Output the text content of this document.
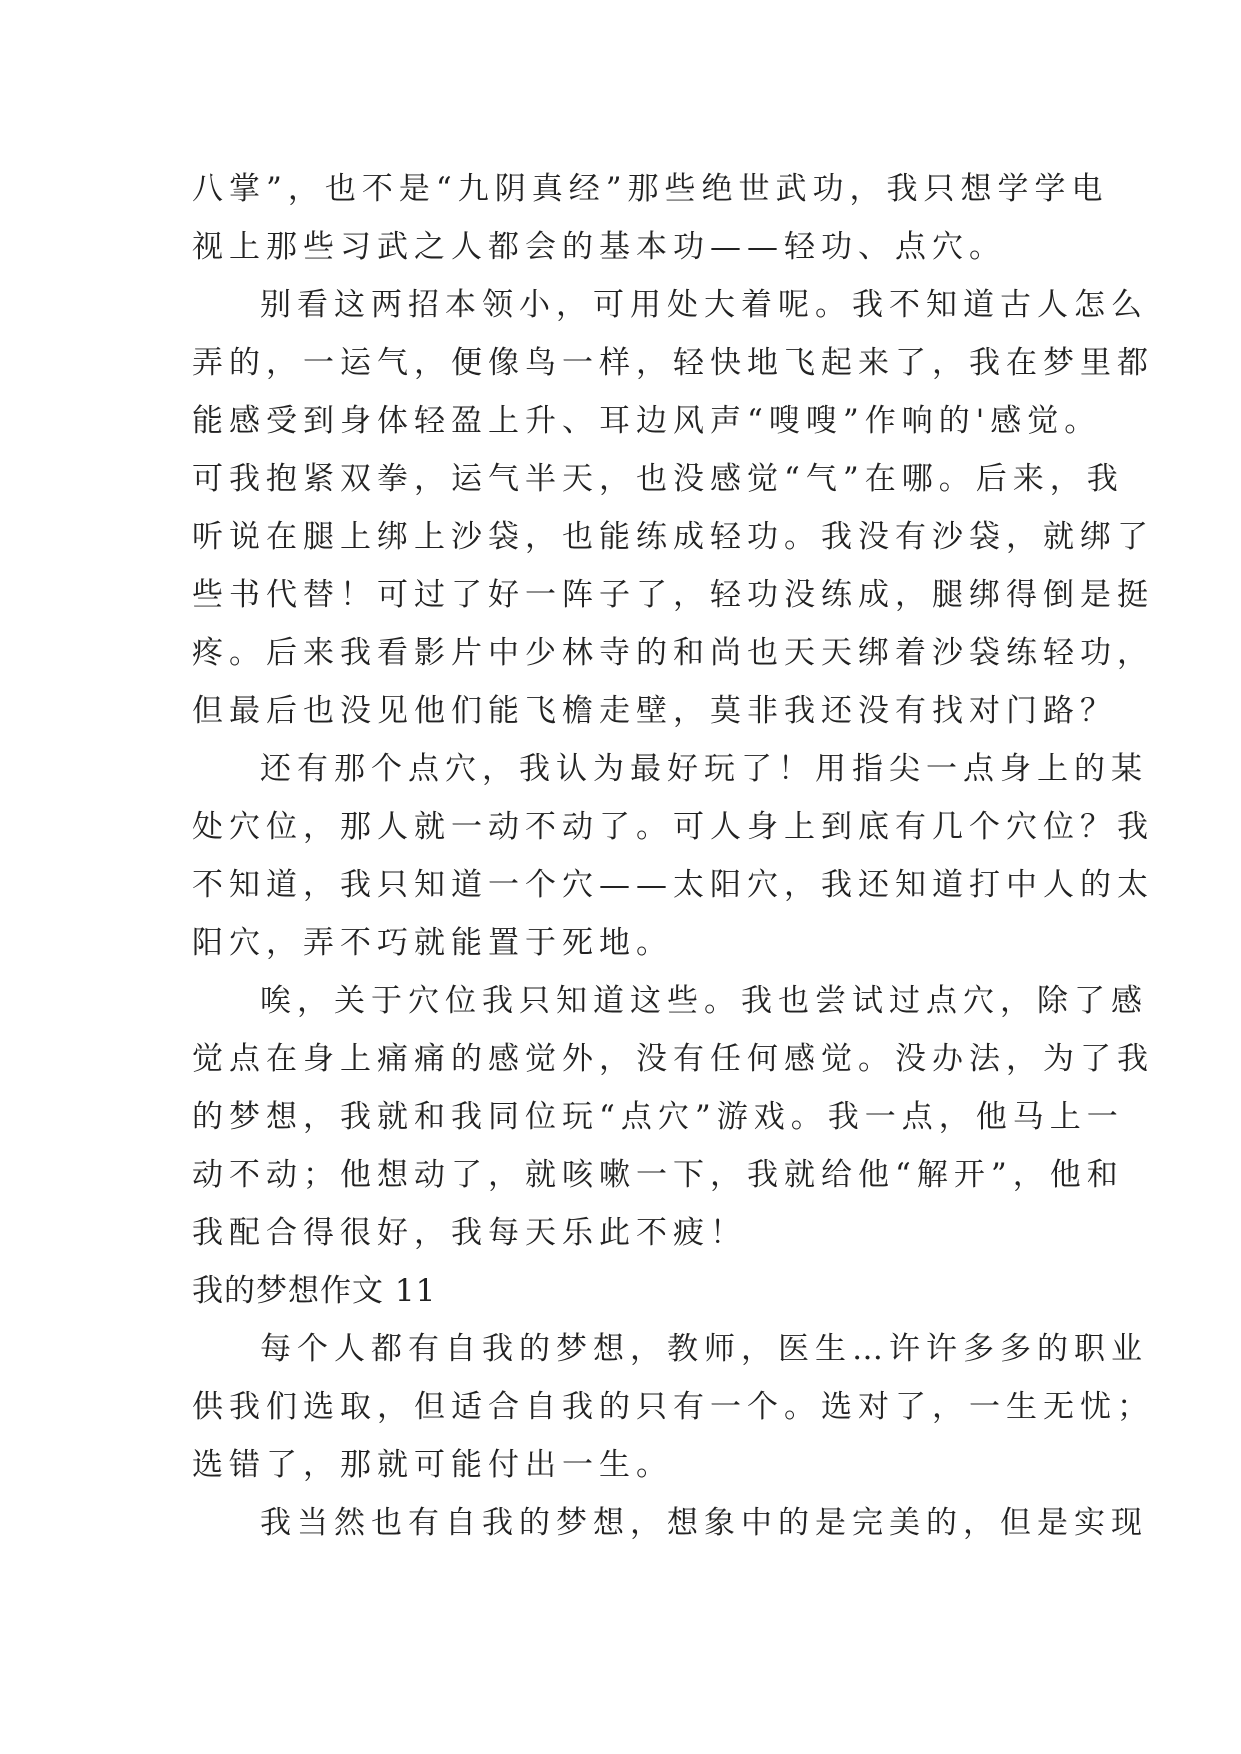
八掌”，也不是“九阴真经”那些绝世武功，我只想学学电
视上那些习武之人都会的基本功——轻功、点穴。
别看这两招本领小，可用处大着呢。我不知道古人怎么
弄的，一运气，便像鸟一样，轻快地飞起来了，我在梦里都
能感受到身体轻盈上升、耳边风声“嗖嗖”作响的'感觉。
可我抱紧双拳，运气半天，也没感觉“气”在哪。后来，我
听说在腿上绑上沙袋，也能练成轻功。我没有沙袋，就绑了
些书代替！可过了好一阵子了，轻功没练成，腿绑得倒是挺
疼。后来我看影片中少林寺的和尚也天天绑着沙袋练轻功，
但最后也没见他们能飞檐走壁，莫非我还没有找对门路？
还有那个点穴，我认为最好玩了！用指尖一点身上的某
处穴位，那人就一动不动了。可人身上到底有几个穴位？我
不知道，我只知道一个穴——太阳穴，我还知道打中人的太
阳穴，弄不巧就能置于死地。
唉，关于穴位我只知道这些。我也尝试过点穴，除了感
觉点在身上痛痛的感觉外，没有任何感觉。没办法，为了我
的梦想，我就和我同位玩“点穴”游戏。我一点，他马上一
动不动；他想动了，就咳嗽一下，我就给他“解开”，他和
我配合得很好，我每天乐此不疲！
我的梦想作文 11
每个人都有自我的梦想，教师，医生…许许多多的职业
供我们选取，但适合自我的只有一个。选对了，一生无忧；
选错了，那就可能付出一生。
我当然也有自我的梦想，想象中的是完美的，但是实现
